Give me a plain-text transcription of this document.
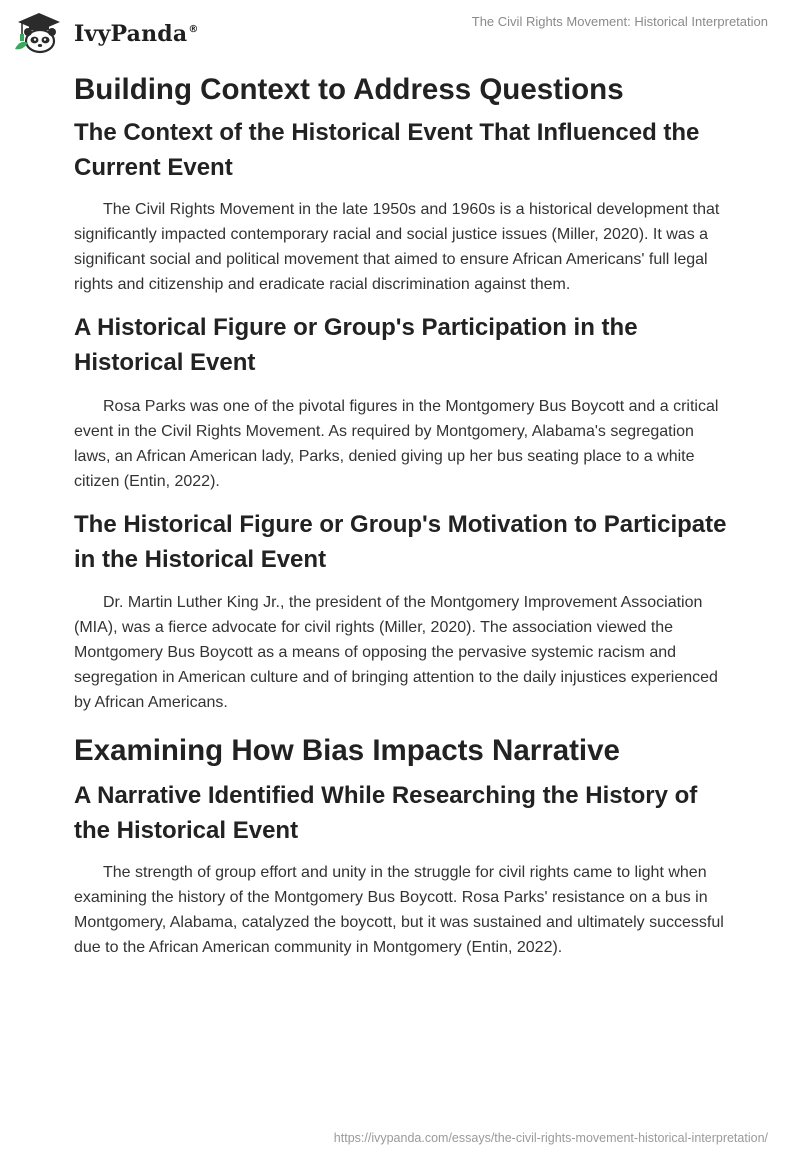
IvyPanda®
The Civil Rights Movement: Historical Interpretation
Building Context to Address Questions
The Context of the Historical Event That Influenced the Current Event

The Civil Rights Movement in the late 1950s and 1960s is a historical development that significantly impacted contemporary racial and social justice issues (Miller, 2020). It was a significant social and political movement that aimed to ensure African Americans' full legal rights and citizenship and eradicate racial discrimination against them.

A Historical Figure or Group's Participation in the Historical Event

Rosa Parks was one of the pivotal figures in the Montgomery Bus Boycott and a critical event in the Civil Rights Movement. As required by Montgomery, Alabama's segregation laws, an African American lady, Parks, denied giving up her bus seating place to a white citizen (Entin, 2022).

The Historical Figure or Group's Motivation to Participate in the Historical Event

Dr. Martin Luther King Jr., the president of the Montgomery Improvement Association (MIA), was a fierce advocate for civil rights (Miller, 2020). The association viewed the Montgomery Bus Boycott as a means of opposing the pervasive systemic racism and segregation in American culture and of bringing attention to the daily injustices experienced by African Americans.

Examining How Bias Impacts Narrative
A Narrative Identified While Researching the History of the Historical Event

The strength of group effort and unity in the struggle for civil rights came to light when examining the history of the Montgomery Bus Boycott. Rosa Parks' resistance on a bus in Montgomery, Alabama, catalyzed the boycott, but it was sustained and ultimately successful due to the African American community in Montgomery (Entin, 2022).

https://ivypanda.com/essays/the-civil-rights-movement-historical-interpretation/
